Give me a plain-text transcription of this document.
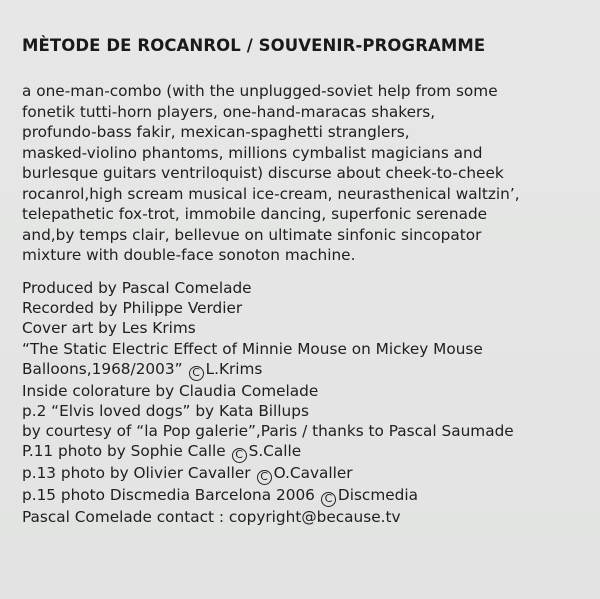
MÈTODE DE ROCANROL / SOUVENIR-PROGRAMME
a one-man-combo (with the unplugged-soviet help from some
fonetik tutti-horn players, one-hand-maracas shakers,
profundo-bass fakir, mexican-spaghetti stranglers,
masked-violino phantoms, millions cymbalist magicians and
burlesque guitars ventriloquist) discurse about cheek-to-cheek
rocanrol,high scream musical ice-cream, neurasthenical waltzin’,
telepathetic fox-trot, immobile dancing, superfonic serenade
and,by temps clair, bellevue on ultimate sinfonic sincopator
mixture with double-face sonoton machine.
Produced by Pascal Comelade
Recorded by Philippe Verdier
Cover art by Les Krims
“The Static Electric Effect of Minnie Mouse on Mickey Mouse
Balloons,1968/2003” C L.Krims
Inside colorature by Claudia Comelade
p.2 “Elvis loved dogs” by Kata Billups
by courtesy of “la Pop galerie”,Paris / thanks to Pascal Saumade
P.11 photo by Sophie Calle C S.Calle
p.13 photo by Olivier Cavaller C O.Cavaller
p.15 photo Discmedia Barcelona 2006 C Discmedia
Pascal Comelade contact : copyright@because.tv
